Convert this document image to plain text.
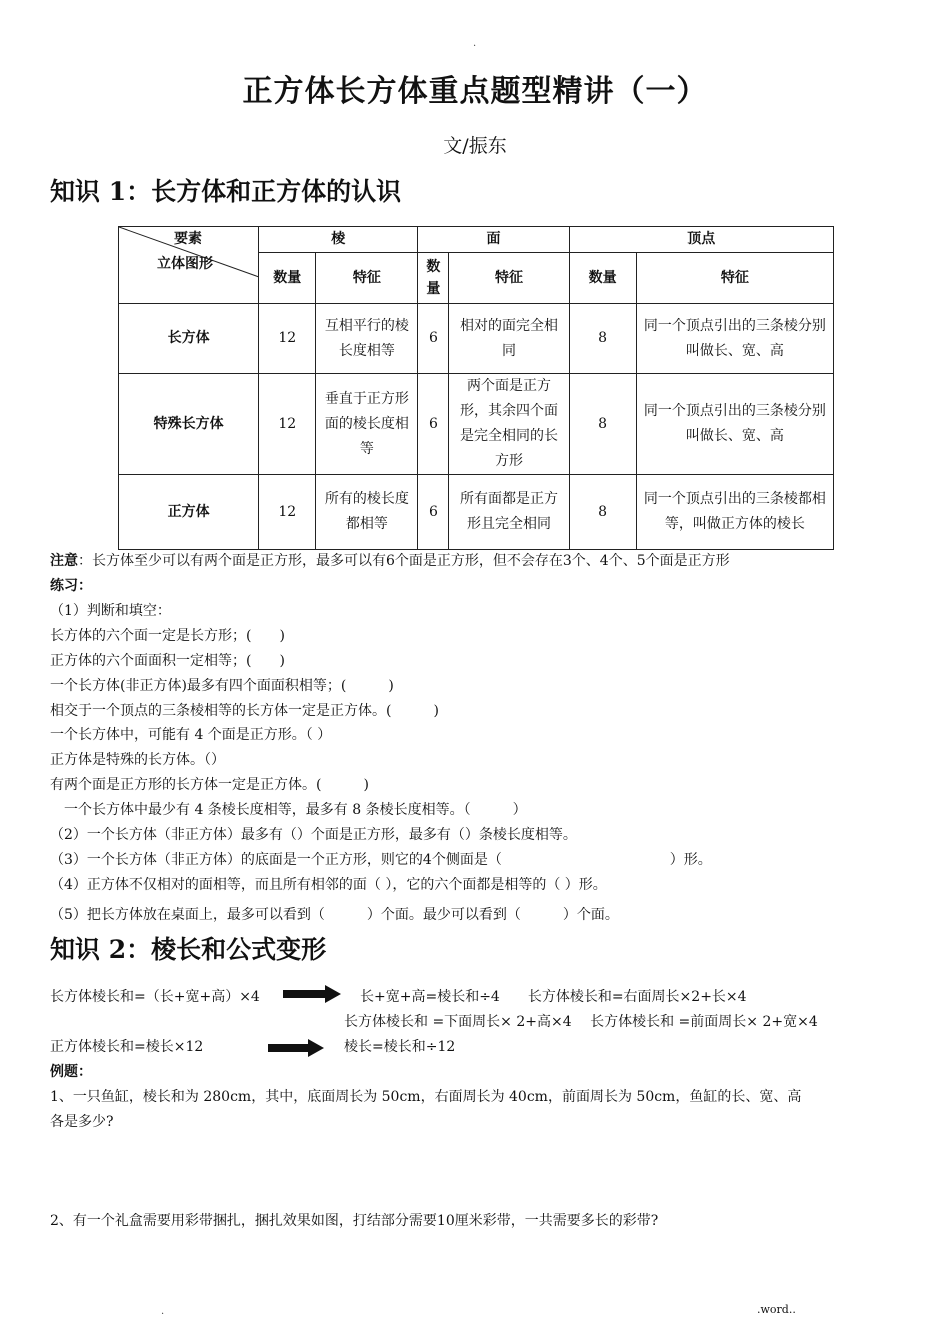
.
正方体长方体重点题型精讲（一）
文/振东
知识 1：长方体和正方体的认识
要素
立体图形	棱		面		顶点	
	数量	特征	数量	特征	数量	特征
长方体	12	互相平行的棱长度相等	6	相对的面完全相同	8	同一个顶点引出的三条棱分别叫做长、宽、高
特殊长方体	12	垂直于正方形面的棱长度相等	6	两个面是正方形，其余四个面是完全相同的长方形	8	同一个顶点引出的三条棱分别叫做长、宽、高
正方体	12	所有的棱长度都相等	6	所有面都是正方形且完全相同	8	同一个顶点引出的三条棱都相等，叫做正方体的棱长
注意：长方体至少可以有两个面是正方形，最多可以有6个面是正方形，但不会存在3个、4个、5个面是正方形
练习：
（1）判断和填空：
长方体的六个面一定是长方形；(　　)
正方体的六个面面积一定相等；(　　)
一个长方体(非正方体)最多有四个面面积相等；(　　　)
相交于一个顶点的三条棱相等的长方体一定是正方体。(　　　)
一个长方体中，可能有 4 个面是正方形。（ ）
正方体是特殊的长方体。（）
有两个面是正方形的长方体一定是正方体。(　　　)
　一个长方体中最少有 4 条棱长度相等，最多有 8 条棱长度相等。（　　　）
（2）一个长方体（非正方体）最多有（）个面是正方形，最多有（）条棱长度相等。
（3）一个长方体（非正方体）的底面是一个正方形，则它的4个侧面是（　　　　　　　　　　　　）形。
（4）正方体不仅相对的面相等，而且所有相邻的面（ ），它的六个面都是相等的（ ）形。
（5）把长方体放在桌面上，最多可以看到（　　　）个面。最少可以看到（　　　）个面。
知识 2：棱长和公式变形
长方体棱长和=（长+宽+高）×4	长+宽+高=棱长和÷4　　长方体棱长和=右面周长×2+长×4
长方体棱长和 =下面周长× 2+高×4　 长方体棱长和 =前面周长× 2+宽×4
正方体棱长和=棱长×12	棱长=棱长和÷12
例题：
1、一只鱼缸，棱长和为 280cm，其中，底面周长为 50cm，右面周长为 40cm，前面周长为 50cm，鱼缸的长、宽、高
各是多少?
2、有一个礼盒需要用彩带捆扎，捆扎效果如图，打结部分需要10厘米彩带，一共需要多长的彩带?
.	.word..
